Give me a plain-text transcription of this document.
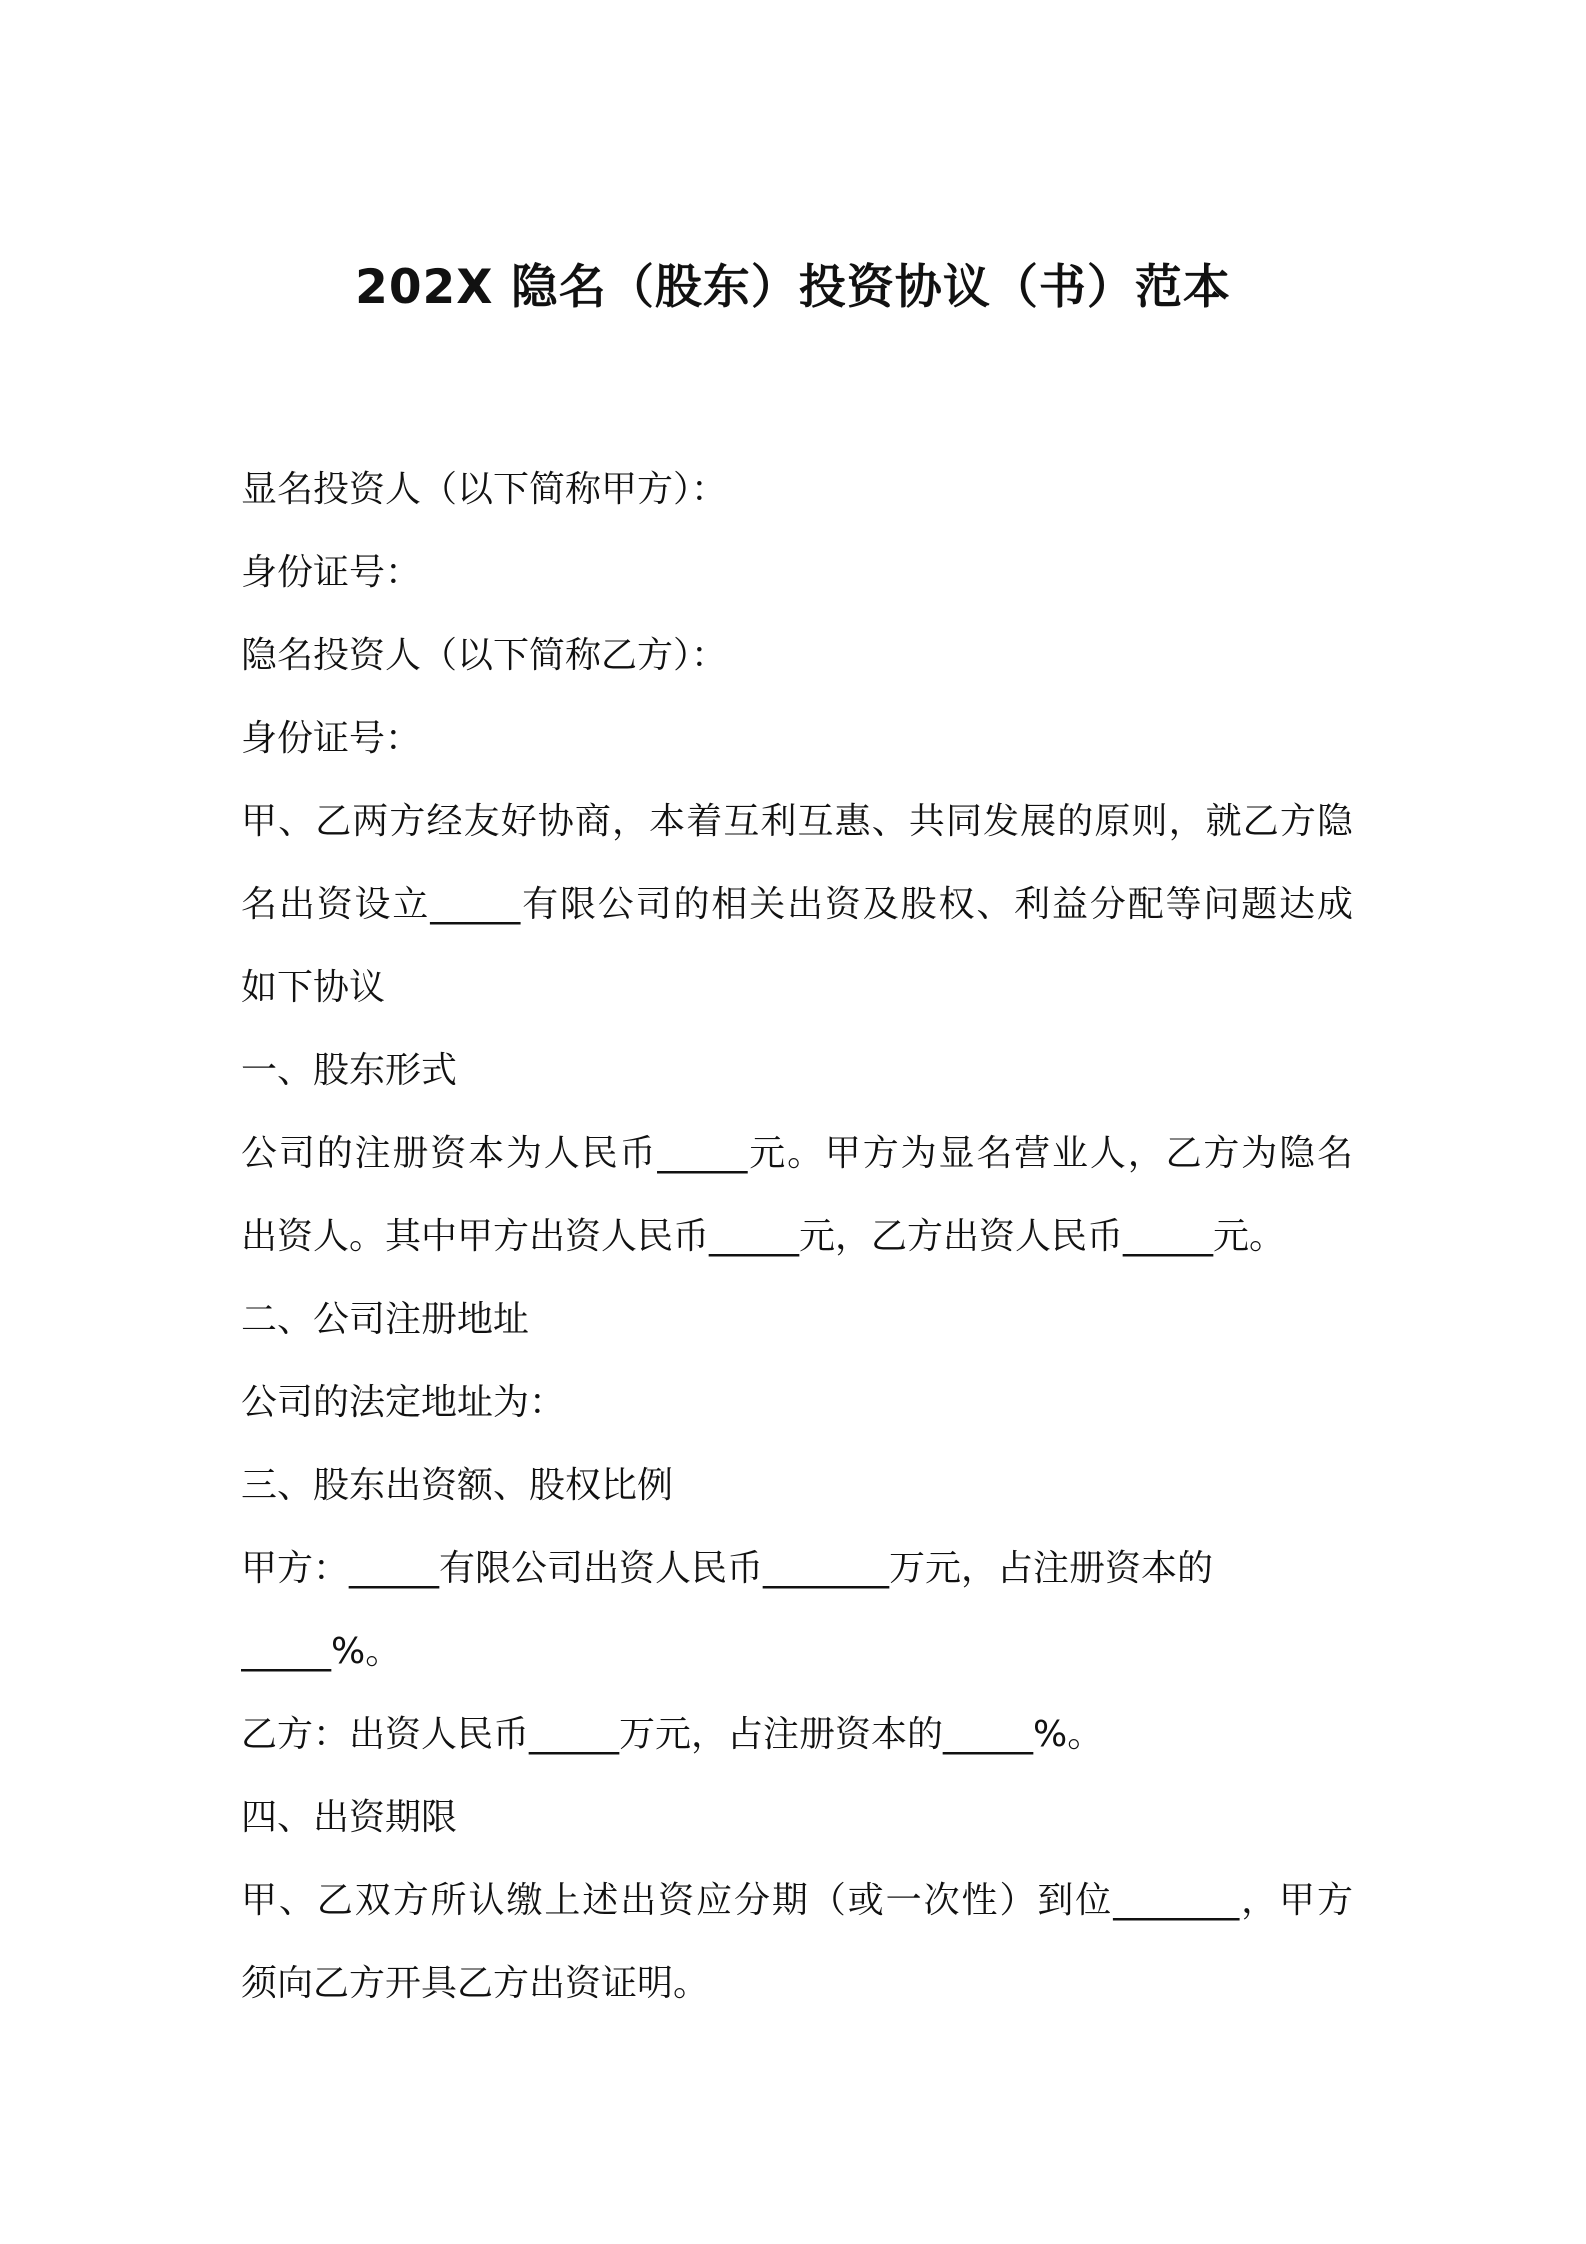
202X 隐名（股东）投资协议（书）范本
显名投资人（以下简称甲方）：
身份证号：
隐名投资人（以下简称乙方）：
身份证号：
甲、乙两方经友好协商，本着互利互惠、共同发展的原则，就乙方隐
名出资设立_____有限公司的相关出资及股权、利益分配等问题达成
如下协议
一、股东形式
公司的注册资本为人民币_____元。甲方为显名营业人，乙方为隐名
出资人。其中甲方出资人民币_____元，乙方出资人民币_____元。
二、公司注册地址
公司的法定地址为：
三、股东出资额、股权比例
甲方：_____有限公司出资人民币_______万元，占注册资本的
_____%。
乙方：出资人民币_____万元，占注册资本的_____%。
四、出资期限
甲、乙双方所认缴上述出资应分期（或一次性）到位_______，甲方
须向乙方开具乙方出资证明。
